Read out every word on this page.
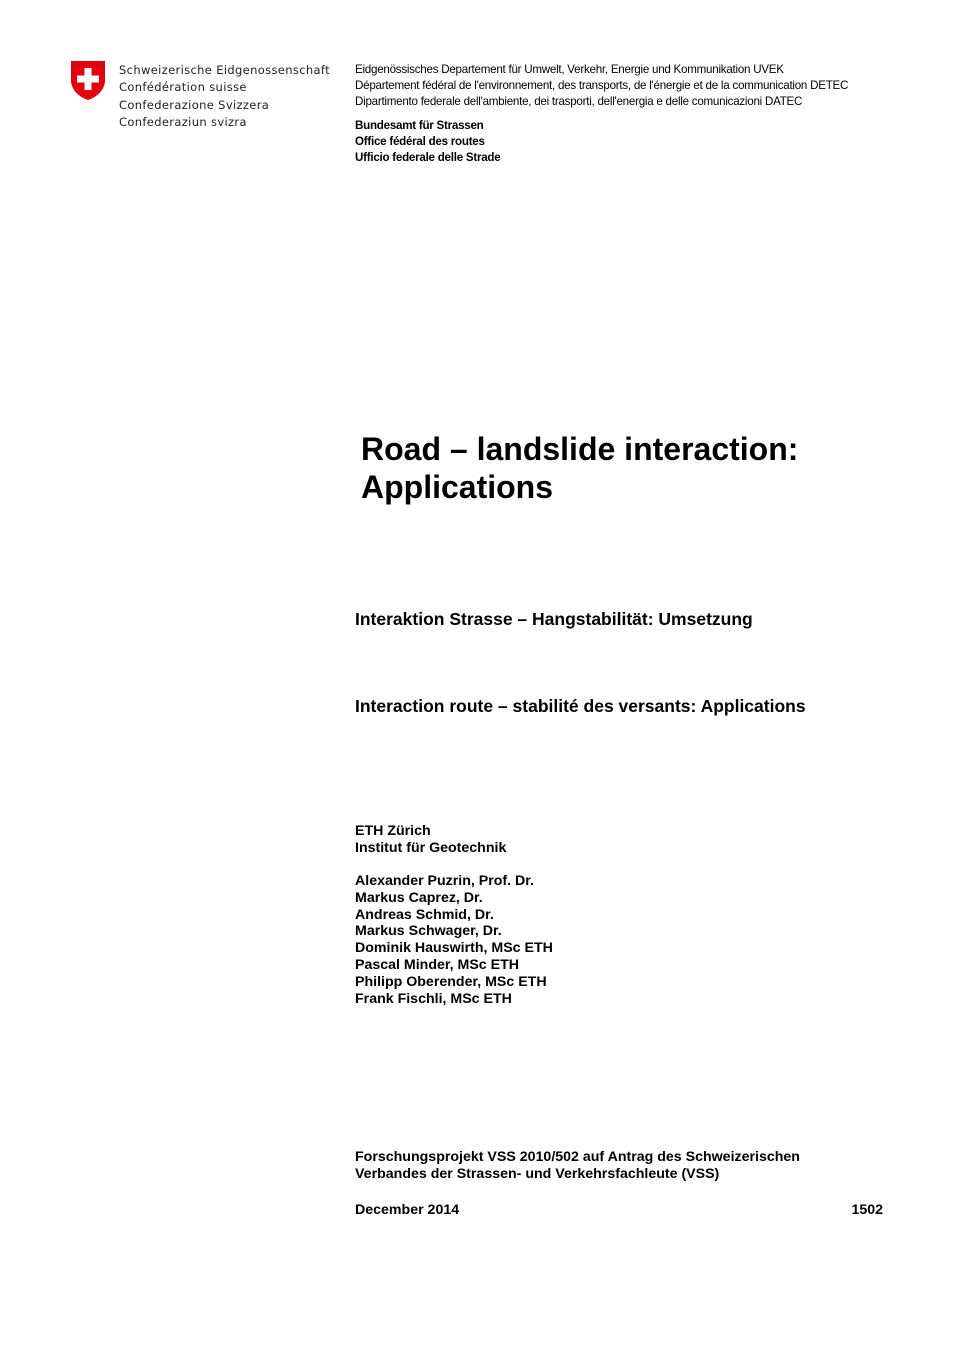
Schweizerische Eidgenossenschaft
Confédération suisse
Confederazione Svizzera
Confederaziun svizra
Eidgenössisches Departement für Umwelt, Verkehr, Energie und Kommunikation UVEK
Département fédéral de l'environnement, des transports, de l'énergie et de la communication DETEC
Dipartimento federale dell'ambiente, dei trasporti, dell'energia e delle comunicazioni DATEC
Bundesamt für Strassen
Office fédéral des routes
Ufficio federale delle Strade
Road – landslide interaction:
Applications
Interaktion Strasse – Hangstabilität: Umsetzung
Interaction route – stabilité des versants: Applications
ETH Zürich
Institut für Geotechnik
Alexander Puzrin, Prof. Dr.
Markus Caprez, Dr.
Andreas Schmid, Dr.
Markus Schwager, Dr.
Dominik Hauswirth, MSc ETH
Pascal Minder, MSc ETH
Philipp Oberender, MSc ETH
Frank Fischli, MSc ETH
Forschungsprojekt VSS 2010/502 auf Antrag des Schweizerischen
Verbandes der Strassen- und Verkehrsfachleute (VSS)
December 2014	1502
